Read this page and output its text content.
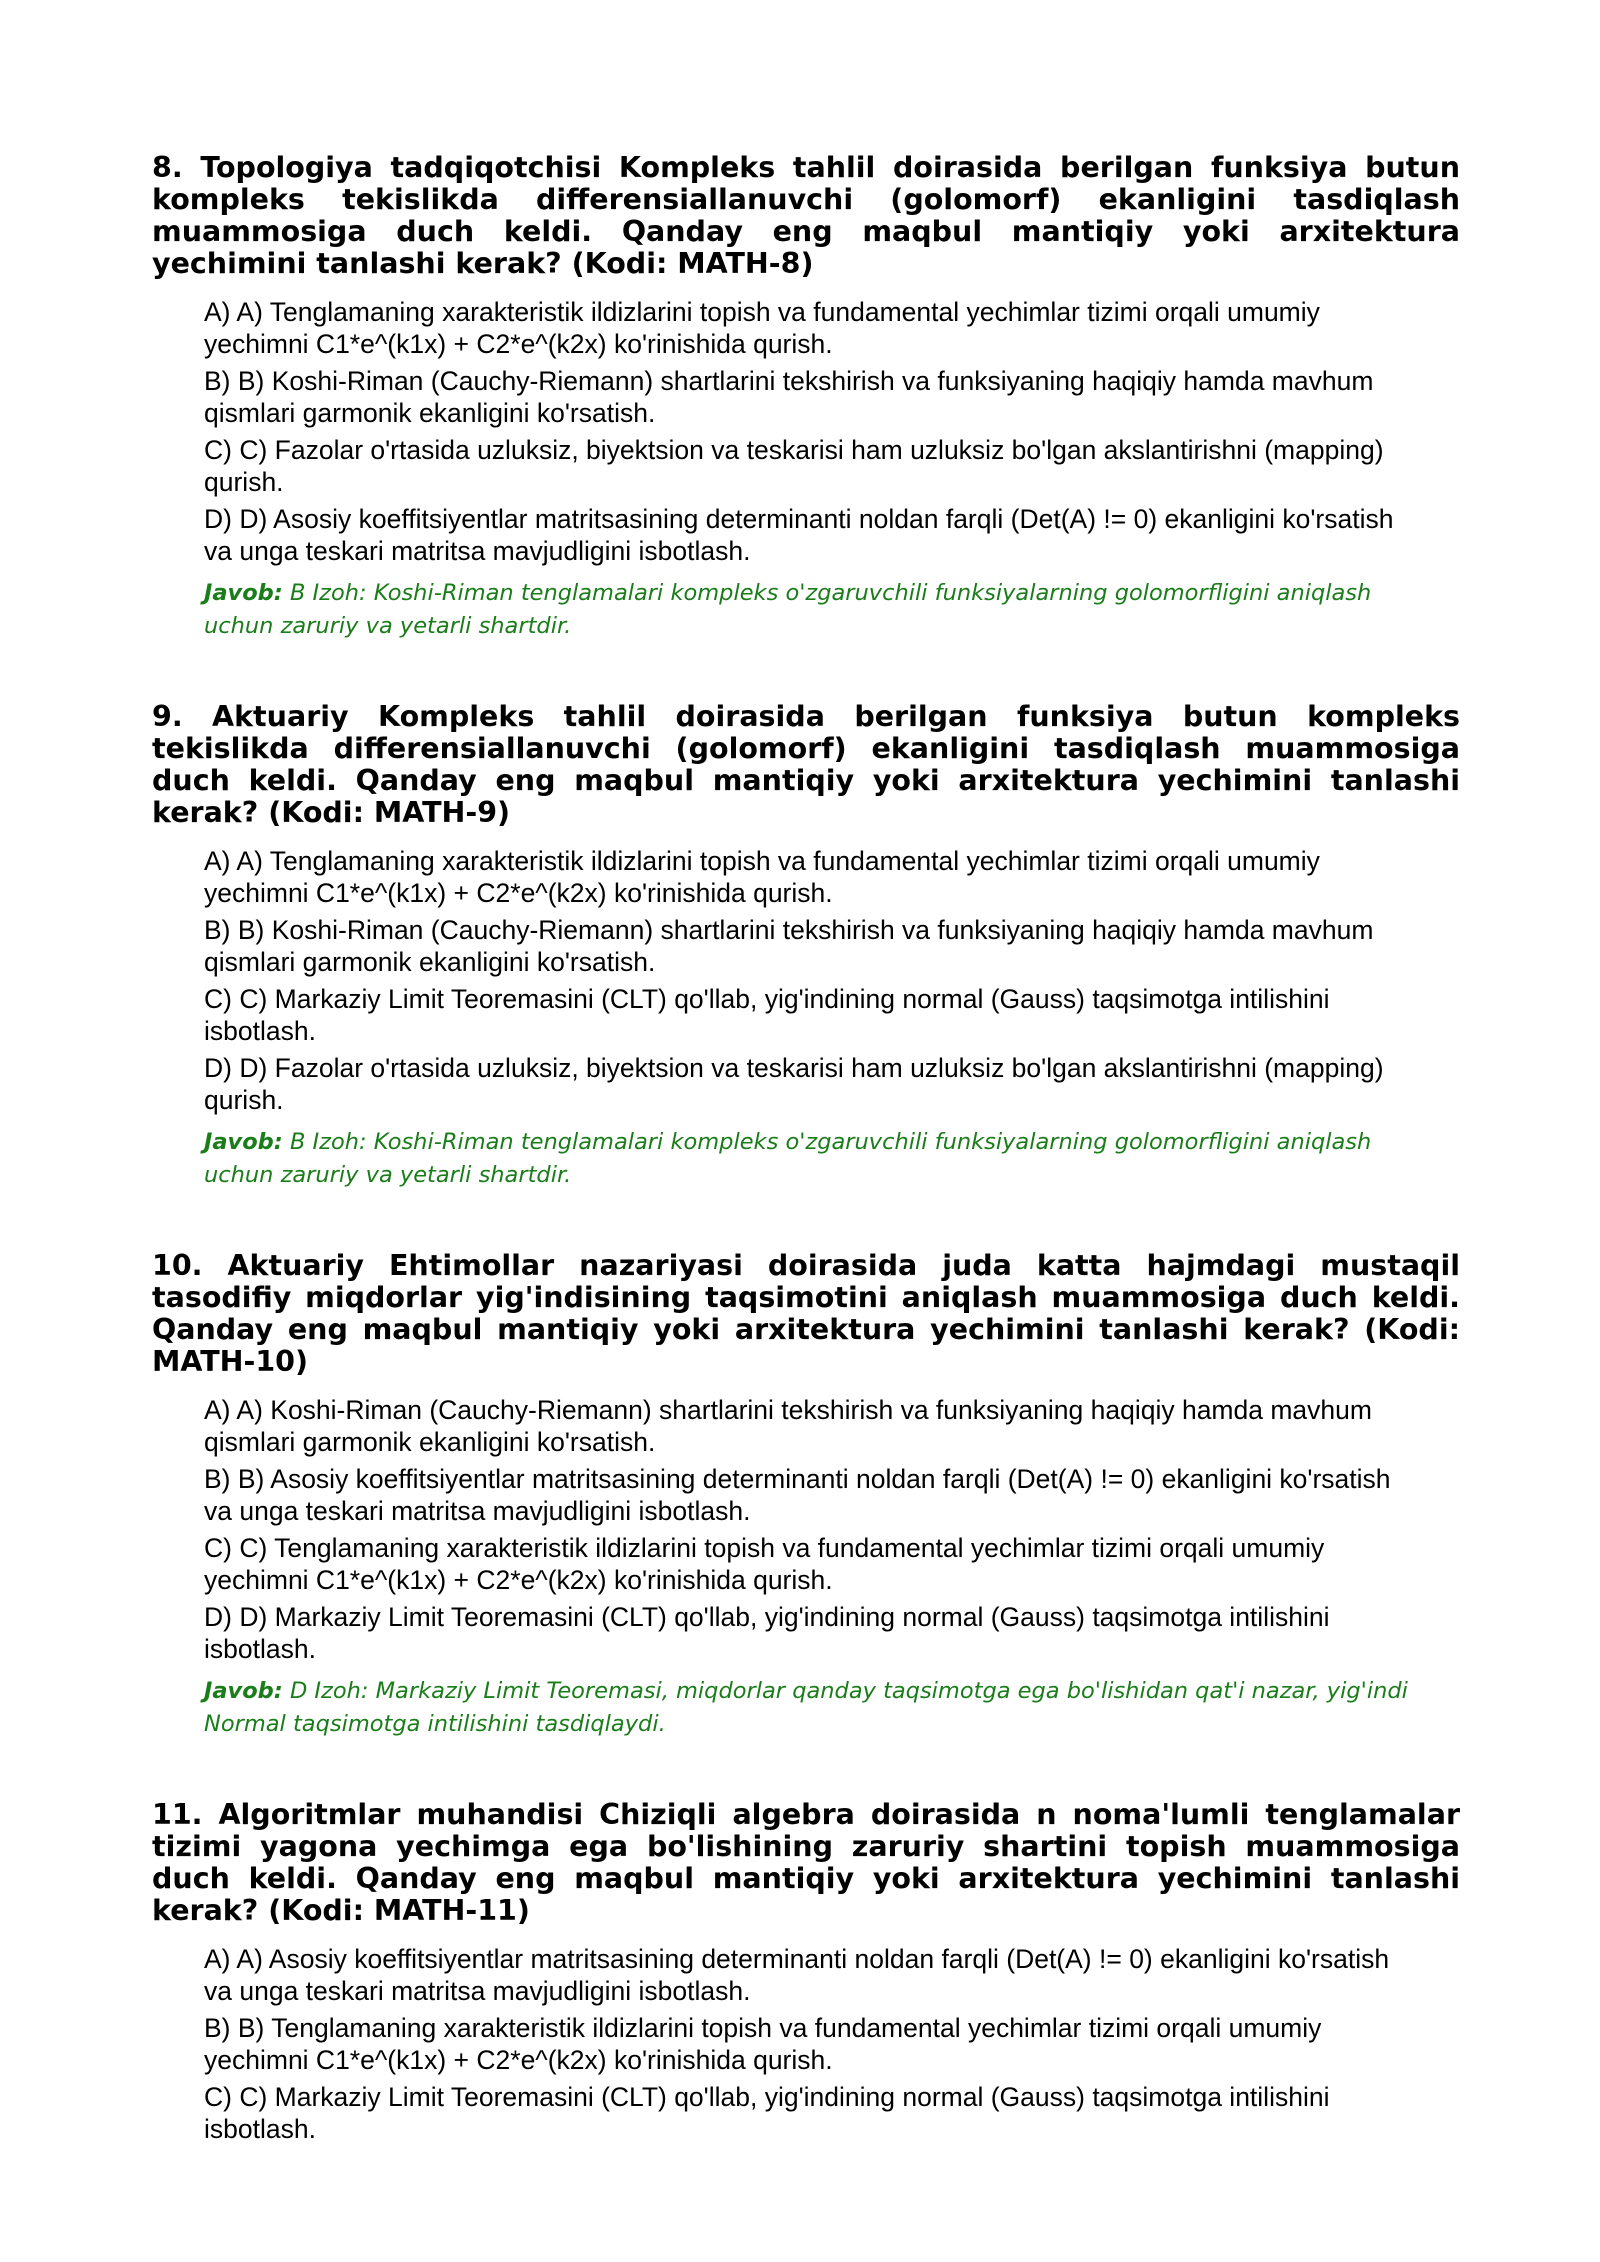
8. Topologiya tadqiqotchisi Kompleks tahlil doirasida berilgan funksiya butun kompleks tekislikda differensiallanuvchi (golomorf) ekanligini tasdiqlash muammosiga duch keldi. Qanday eng maqbul mantiqiy yoki arxitektura yechimini tanlashi kerak? (Kodi: MATH-8)
A) A) Tenglamaning xarakteristik ildizlarini topish va fundamental yechimlar tizimi orqali umumiy yechimni C1*e^(k1x) + C2*e^(k2x) ko'rinishida qurish.
B) B) Koshi-Riman (Cauchy-Riemann) shartlarini tekshirish va funksiyaning haqiqiy hamda mavhum qismlari garmonik ekanligini ko'rsatish.
C) C) Fazolar o'rtasida uzluksiz, biyektsion va teskarisi ham uzluksiz bo'lgan akslantirishni (mapping) qurish.
D) D) Asosiy koeffitsiyentlar matritsasining determinanti noldan farqli (Det(A) != 0) ekanligini ko'rsatish va unga teskari matritsa mavjudligini isbotlash.
Javob: B Izoh: Koshi-Riman tenglamalari kompleks o'zgaruvchili funksiyalarning golomorfligini aniqlash uchun zaruriy va yetarli shartdir.
9. Aktuariy Kompleks tahlil doirasida berilgan funksiya butun kompleks tekislikda differensiallanuvchi (golomorf) ekanligini tasdiqlash muammosiga duch keldi. Qanday eng maqbul mantiqiy yoki arxitektura yechimini tanlashi kerak? (Kodi: MATH-9)
A) A) Tenglamaning xarakteristik ildizlarini topish va fundamental yechimlar tizimi orqali umumiy yechimni C1*e^(k1x) + C2*e^(k2x) ko'rinishida qurish.
B) B) Koshi-Riman (Cauchy-Riemann) shartlarini tekshirish va funksiyaning haqiqiy hamda mavhum qismlari garmonik ekanligini ko'rsatish.
C) C) Markaziy Limit Teoremasini (CLT) qo'llab, yig'indining normal (Gauss) taqsimotga intilishini isbotlash.
D) D) Fazolar o'rtasida uzluksiz, biyektsion va teskarisi ham uzluksiz bo'lgan akslantirishni (mapping) qurish.
Javob: B Izoh: Koshi-Riman tenglamalari kompleks o'zgaruvchili funksiyalarning golomorfligini aniqlash uchun zaruriy va yetarli shartdir.
10. Aktuariy Ehtimollar nazariyasi doirasida juda katta hajmdagi mustaqil tasodifiy miqdorlar yig'indisining taqsimotini aniqlash muammosiga duch keldi. Qanday eng maqbul mantiqiy yoki arxitektura yechimini tanlashi kerak? (Kodi: MATH-10)
A) A) Koshi-Riman (Cauchy-Riemann) shartlarini tekshirish va funksiyaning haqiqiy hamda mavhum qismlari garmonik ekanligini ko'rsatish.
B) B) Asosiy koeffitsiyentlar matritsasining determinanti noldan farqli (Det(A) != 0) ekanligini ko'rsatish va unga teskari matritsa mavjudligini isbotlash.
C) C) Tenglamaning xarakteristik ildizlarini topish va fundamental yechimlar tizimi orqali umumiy yechimni C1*e^(k1x) + C2*e^(k2x) ko'rinishida qurish.
D) D) Markaziy Limit Teoremasini (CLT) qo'llab, yig'indining normal (Gauss) taqsimotga intilishini isbotlash.
Javob: D Izoh: Markaziy Limit Teoremasi, miqdorlar qanday taqsimotga ega bo'lishidan qat'i nazar, yig'indi Normal taqsimotga intilishini tasdiqlaydi.
11. Algoritmlar muhandisi Chiziqli algebra doirasida n noma'lumli tenglamalar tizimi yagona yechimga ega bo'lishining zaruriy shartini topish muammosiga duch keldi. Qanday eng maqbul mantiqiy yoki arxitektura yechimini tanlashi kerak? (Kodi: MATH-11)
A) A) Asosiy koeffitsiyentlar matritsasining determinanti noldan farqli (Det(A) != 0) ekanligini ko'rsatish va unga teskari matritsa mavjudligini isbotlash.
B) B) Tenglamaning xarakteristik ildizlarini topish va fundamental yechimlar tizimi orqali umumiy yechimni C1*e^(k1x) + C2*e^(k2x) ko'rinishida qurish.
C) C) Markaziy Limit Teoremasini (CLT) qo'llab, yig'indining normal (Gauss) taqsimotga intilishini isbotlash.
